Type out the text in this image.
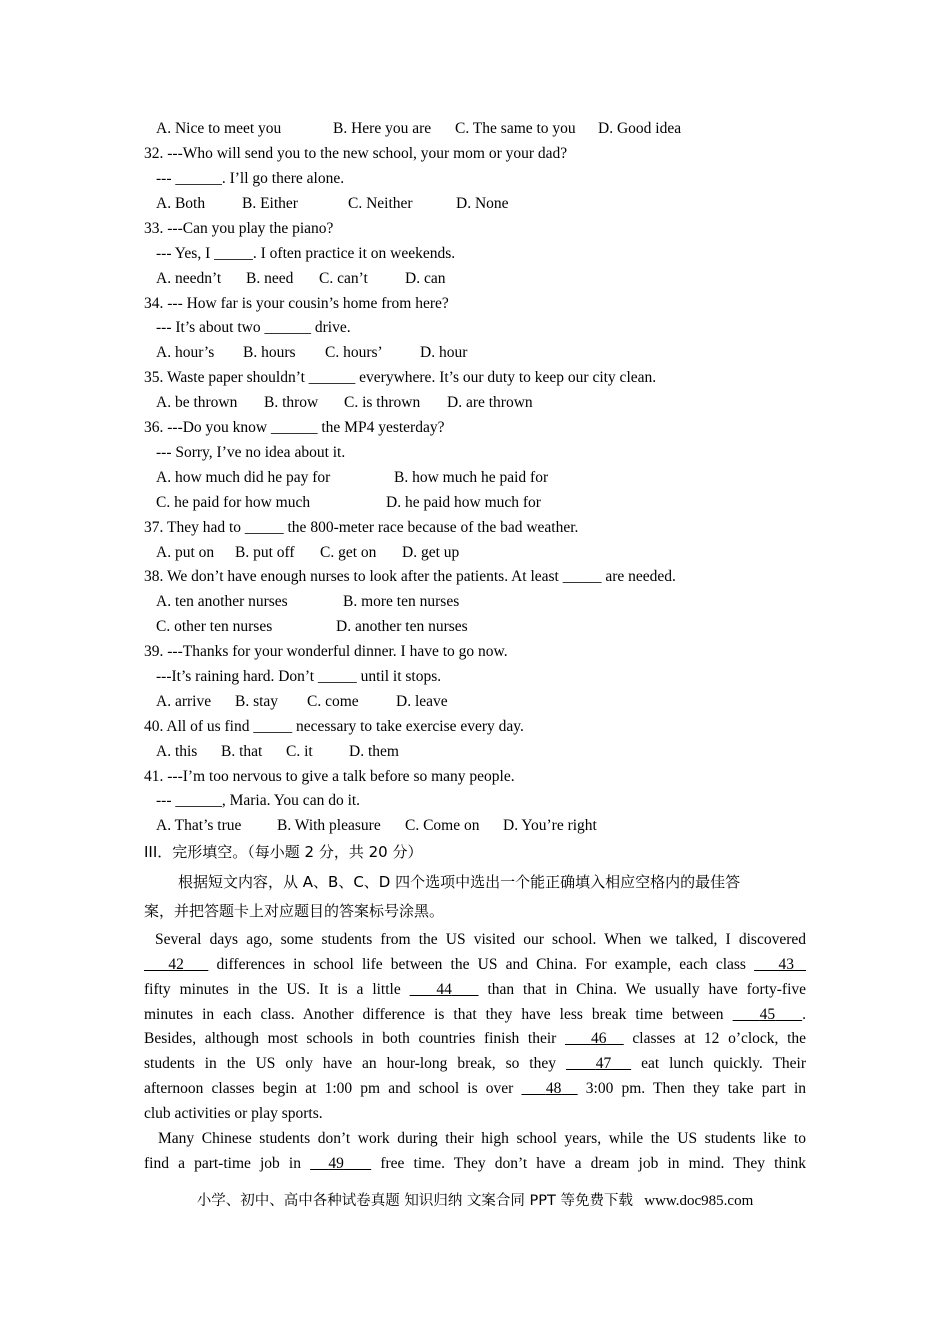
A. Nice to meet you	B. Here you are C. The same to you D. Good idea
32. ---Who will send you to the new school, your mom or your dad?
--- ______. I’ll go there alone.
A. Both B. Either	C. Neither	D. None
33. ---Can you play the piano?
--- Yes, I _____. I often practice it on weekends.
A. needn’t B. need C. can’t D. can
34. --- How far is your cousin’s home from here?
--- It’s about two ______ drive.
A. hour’s B. hours C. hours’ D. hour
35. Waste paper shouldn’t ______ everywhere. It’s our duty to keep our city clean.
A. be thrown B. throw C. is thrown D. are thrown
36. ---Do you know ______ the MP4 yesterday?
--- Sorry, I’ve no idea about it.
A. how much did he pay for	B. how much he paid for
C. he paid for how much	D. he paid how much for
37. They had to _____ the 800-meter race because of the bad weather.
A. put on B. put off C. get on D. get up
38. We don’t have enough nurses to look after the patients. At least _____ are needed.
A. ten another nurses	B. more ten nurses
C. other ten nurses	D. another ten nurses
39. ---Thanks for your wonderful dinner. I have to go now.
---It’s raining hard. Don’t _____ until it stops.
A. arrive B. stay C. come D. leave
40. All of us find _____ necessary to take exercise every day.
A. this B. that C. it D. them
41. ---I’m too nervous to give a talk before so many people.
--- ______, Maria. You can do it.
A. That’s true B. With pleasure C. Come on D. You’re right
III．完形填空。（每小题 2 分，共 20 分）
根据短文内容，从 A、B、C、D 四个选项中选出一个能正确填入相应空格内的最佳答
案，并把答题卡上对应题目的答案标号涂黑。
Several days ago, some students from the US visited our school. When we talked, I discovered
42 differences in school life between the US and China. For example, each class 43
fifty minutes in the US. It is a little 44 than that in China. We usually have forty-five
minutes in each class. Another difference is that they have less break time between 45 .
Besides, although most schools in both countries finish their 46 classes at 12 o’clock, the
students in the US only have an hour-long break, so they	47 eat lunch quickly. Their
afternoon classes begin at 1:00 pm and school is over 48 3:00 pm. Then they take part in
club activities or play sports.
Many Chinese students don’t work during their high school years, while the US students like to
find a part-time job in 49 free time. They don’t have a dream job in mind. They think
小学、初中、高中各种试卷真题 知识归纳 文案合同 PPT 等免费下载 www.doc985.com
